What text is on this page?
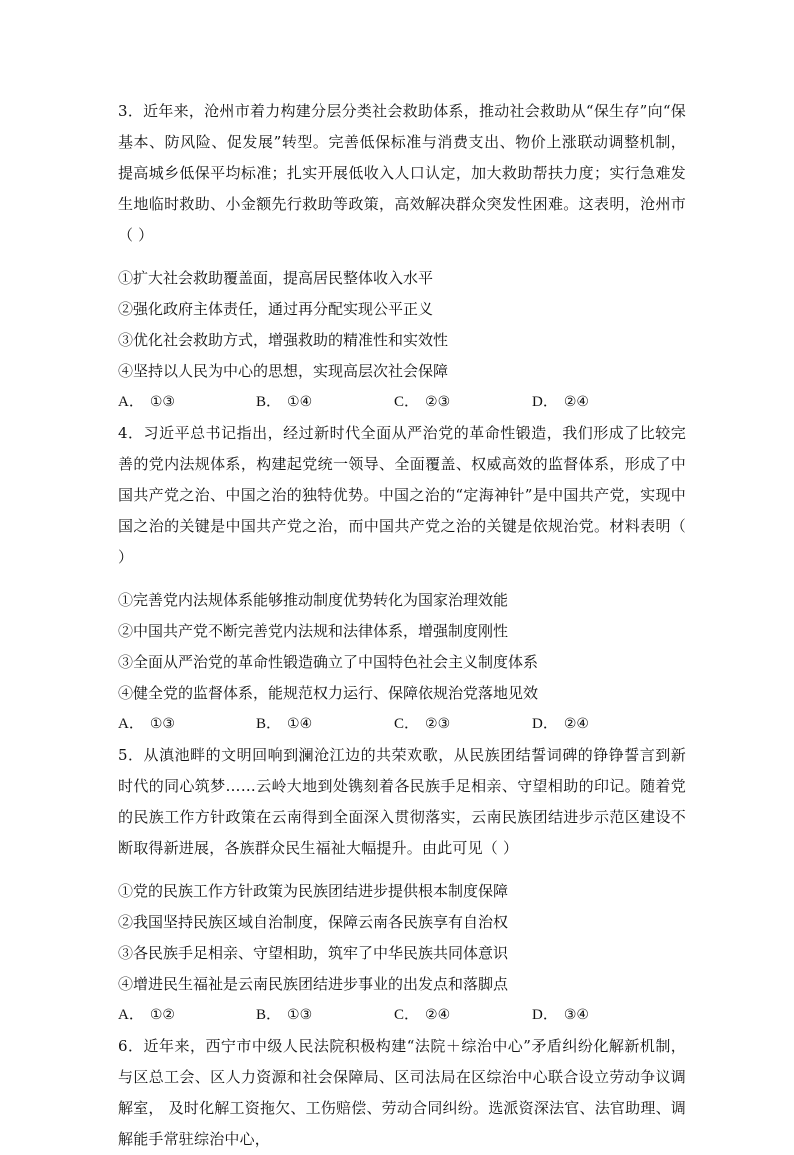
3．近年来，沧州市着力构建分层分类社会救助体系，推动社会救助从“保生存”向“保基本、防风险、促发展”转型。完善低保标准与消费支出、物价上涨联动调整机制，提高城乡低保平均标准；扎实开展低收入人口认定，加大救助帮扶力度；实行急难发生地临时救助、小金额先行救助等政策，高效解决群众突发性困难。这表明，沧州市（ ）

①扩大社会救助覆盖面，提高居民整体收入水平

②强化政府主体责任，通过再分配实现公平正义

③优化社会救助方式，增强救助的精准性和实效性

④坚持以人民为中心的思想，实现高层次社会保障

A． ①③	B． ①④	C． ②③	D． ②④

4．习近平总书记指出，经过新时代全面从严治党的革命性锻造，我们形成了比较完善的党内法规体系，构建起党统一领导、全面覆盖、权威高效的监督体系，形成了中国共产党之治、中国之治的独特优势。中国之治的“定海神针”是中国共产党，实现中国之治的关键是中国共产党之治，而中国共产党之治的关键是依规治党。材料表明（ ）

①完善党内法规体系能够推动制度优势转化为国家治理效能

②中国共产党不断完善党内法规和法律体系，增强制度刚性

③全面从严治党的革命性锻造确立了中国特色社会主义制度体系

④健全党的监督体系，能规范权力运行、保障依规治党落地见效

A． ①③	B． ①④	C． ②③	D． ②④

5．从滇池畔的文明回响到澜沧江边的共荣欢歌，从民族团结誓词碑的铮铮誓言到新时代的同心筑梦……云岭大地到处镌刻着各民族手足相亲、守望相助的印记。随着党的民族工作方针政策在云南得到全面深入贯彻落实，云南民族团结进步示范区建设不断取得新进展，各族群众民生福祉大幅提升。由此可见（ ）

①党的民族工作方针政策为民族团结进步提供根本制度保障

②我国坚持民族区域自治制度，保障云南各民族享有自治权

③各民族手足相亲、守望相助，筑牢了中华民族共同体意识

④增进民生福祉是云南民族团结进步事业的出发点和落脚点

A． ①②	B． ①③	C． ②④	D． ③④

6．近年来，西宁市中级人民法院积极构建“法院＋综治中心”矛盾纠纷化解新机制，与区总工会、区人力资源和社会保障局、区司法局在区综治中心联合设立劳动争议调解室， 及时化解工资拖欠、工伤赔偿、劳动合同纠纷。选派资深法官、法官助理、调解能手常驻综治中心，
